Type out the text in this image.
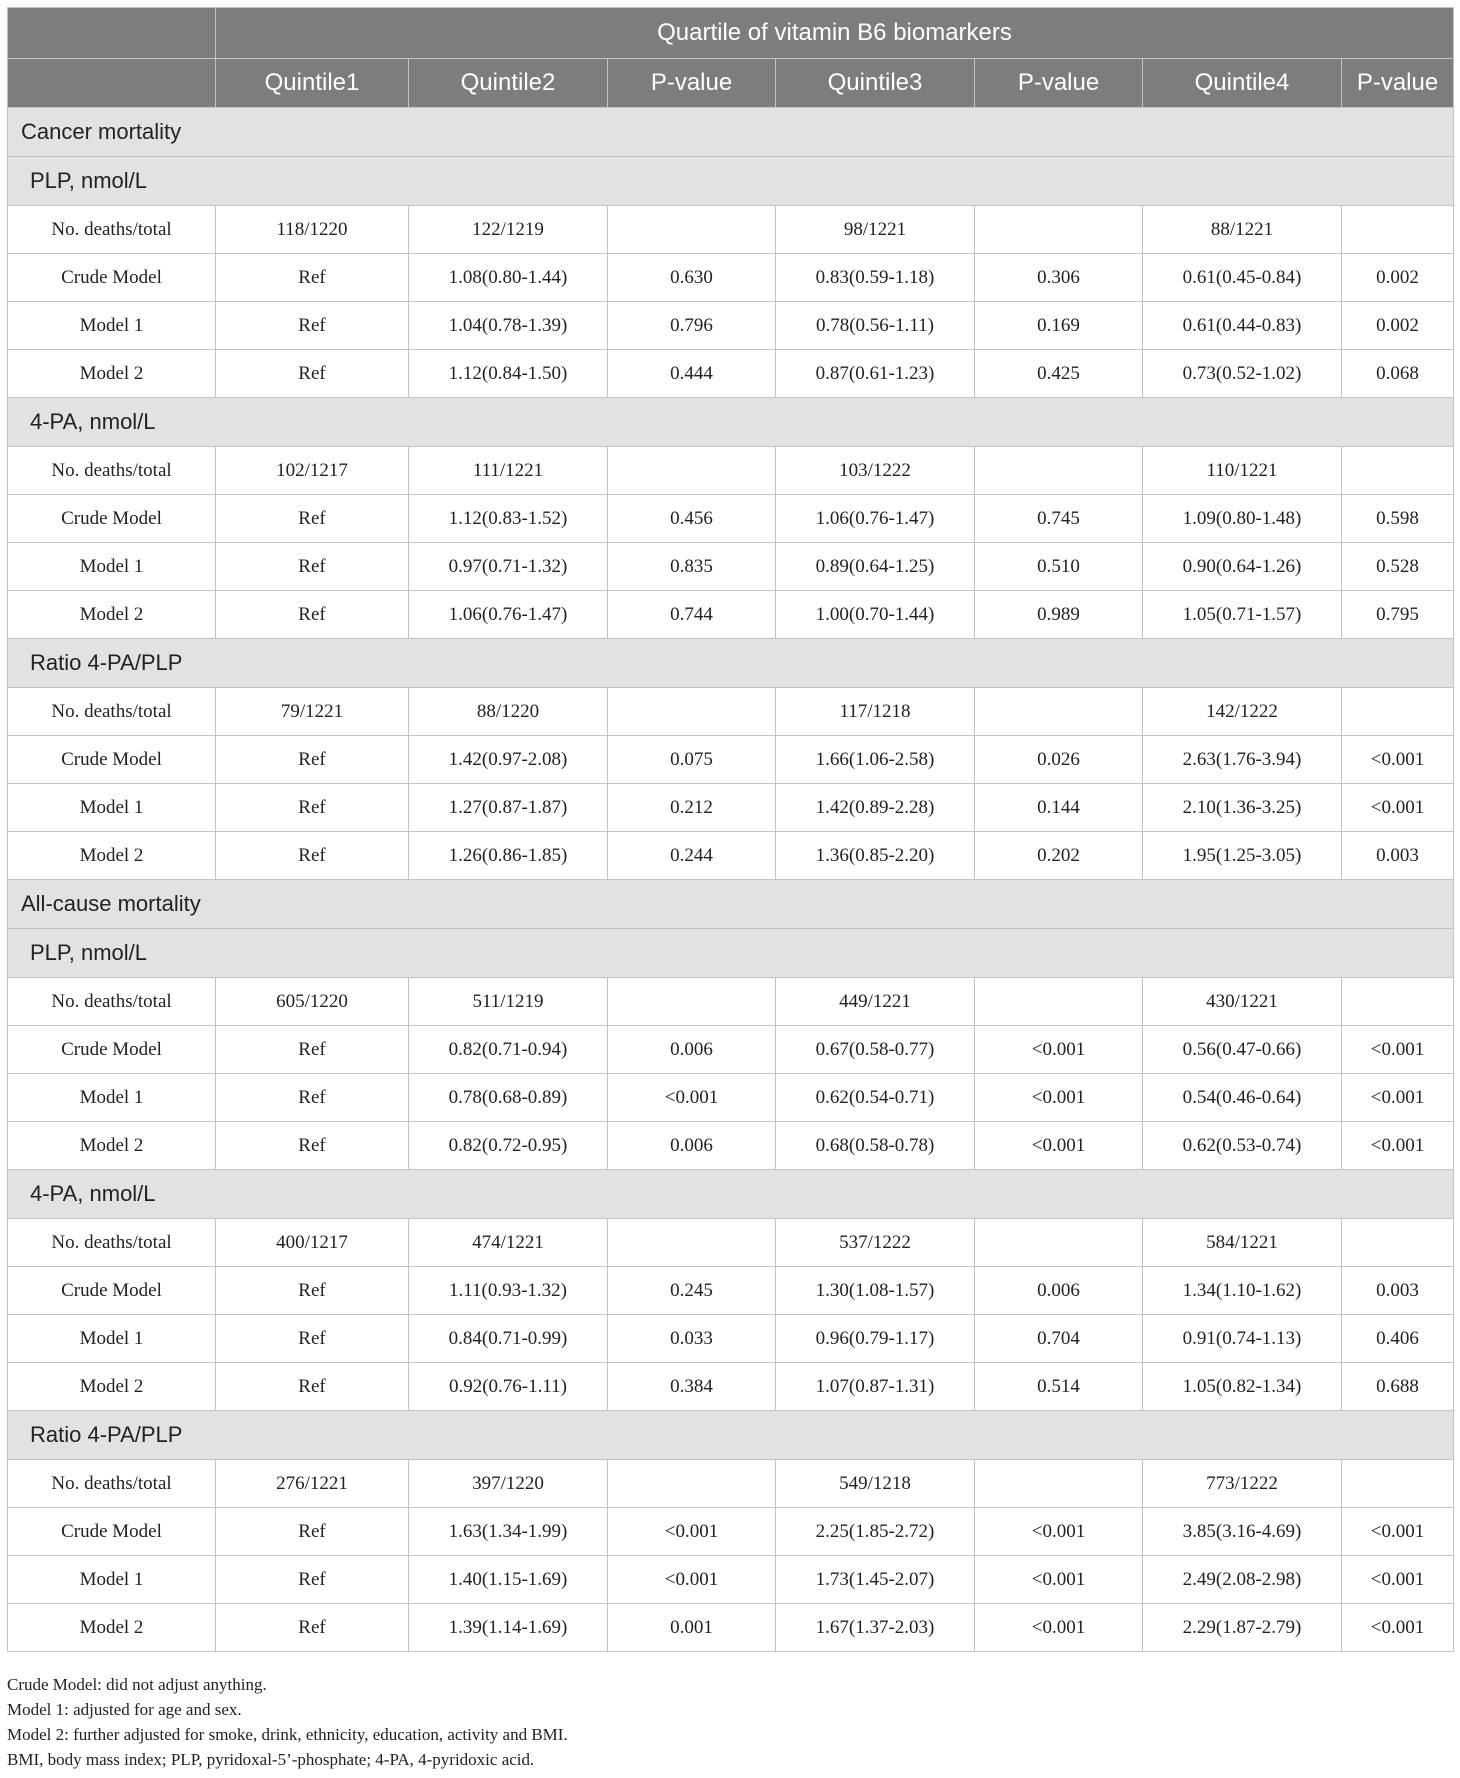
	Quartile of vitamin B6 biomarkers						
	Quintile1	Quintile2	P-value	Quintile3	P-value	Quintile4	P-value
Cancer mortality							
PLP, nmol/L							
No. deaths/total	118/1220	122/1219		98/1221		88/1221	
Crude Model	Ref	1.08(0.80-1.44)	0.630	0.83(0.59-1.18)	0.306	0.61(0.45-0.84)	0.002
Model 1	Ref	1.04(0.78-1.39)	0.796	0.78(0.56-1.11)	0.169	0.61(0.44-0.83)	0.002
Model 2	Ref	1.12(0.84-1.50)	0.444	0.87(0.61-1.23)	0.425	0.73(0.52-1.02)	0.068
4-PA, nmol/L							
No. deaths/total	102/1217	111/1221		103/1222		110/1221	
Crude Model	Ref	1.12(0.83-1.52)	0.456	1.06(0.76-1.47)	0.745	1.09(0.80-1.48)	0.598
Model 1	Ref	0.97(0.71-1.32)	0.835	0.89(0.64-1.25)	0.510	0.90(0.64-1.26)	0.528
Model 2	Ref	1.06(0.76-1.47)	0.744	1.00(0.70-1.44)	0.989	1.05(0.71-1.57)	0.795
Ratio 4-PA/PLP							
No. deaths/total	79/1221	88/1220		117/1218		142/1222	
Crude Model	Ref	1.42(0.97-2.08)	0.075	1.66(1.06-2.58)	0.026	2.63(1.76-3.94)	<0.001
Model 1	Ref	1.27(0.87-1.87)	0.212	1.42(0.89-2.28)	0.144	2.10(1.36-3.25)	<0.001
Model 2	Ref	1.26(0.86-1.85)	0.244	1.36(0.85-2.20)	0.202	1.95(1.25-3.05)	0.003
All-cause mortality							
PLP, nmol/L							
No. deaths/total	605/1220	511/1219		449/1221		430/1221	
Crude Model	Ref	0.82(0.71-0.94)	0.006	0.67(0.58-0.77)	<0.001	0.56(0.47-0.66)	<0.001
Model 1	Ref	0.78(0.68-0.89)	<0.001	0.62(0.54-0.71)	<0.001	0.54(0.46-0.64)	<0.001
Model 2	Ref	0.82(0.72-0.95)	0.006	0.68(0.58-0.78)	<0.001	0.62(0.53-0.74)	<0.001
4-PA, nmol/L							
No. deaths/total	400/1217	474/1221		537/1222		584/1221	
Crude Model	Ref	1.11(0.93-1.32)	0.245	1.30(1.08-1.57)	0.006	1.34(1.10-1.62)	0.003
Model 1	Ref	0.84(0.71-0.99)	0.033	0.96(0.79-1.17)	0.704	0.91(0.74-1.13)	0.406
Model 2	Ref	0.92(0.76-1.11)	0.384	1.07(0.87-1.31)	0.514	1.05(0.82-1.34)	0.688
Ratio 4-PA/PLP							
No. deaths/total	276/1221	397/1220		549/1218		773/1222	
Crude Model	Ref	1.63(1.34-1.99)	<0.001	2.25(1.85-2.72)	<0.001	3.85(3.16-4.69)	<0.001
Model 1	Ref	1.40(1.15-1.69)	<0.001	1.73(1.45-2.07)	<0.001	2.49(2.08-2.98)	<0.001
Model 2	Ref	1.39(1.14-1.69)	0.001	1.67(1.37-2.03)	<0.001	2.29(1.87-2.79)	<0.001
Crude Model: did not adjust anything.
Model 1: adjusted for age and sex.
Model 2: further adjusted for smoke, drink, ethnicity, education, activity and BMI.
BMI, body mass index; PLP, pyridoxal-5’-phosphate; 4-PA, 4-pyridoxic acid.
